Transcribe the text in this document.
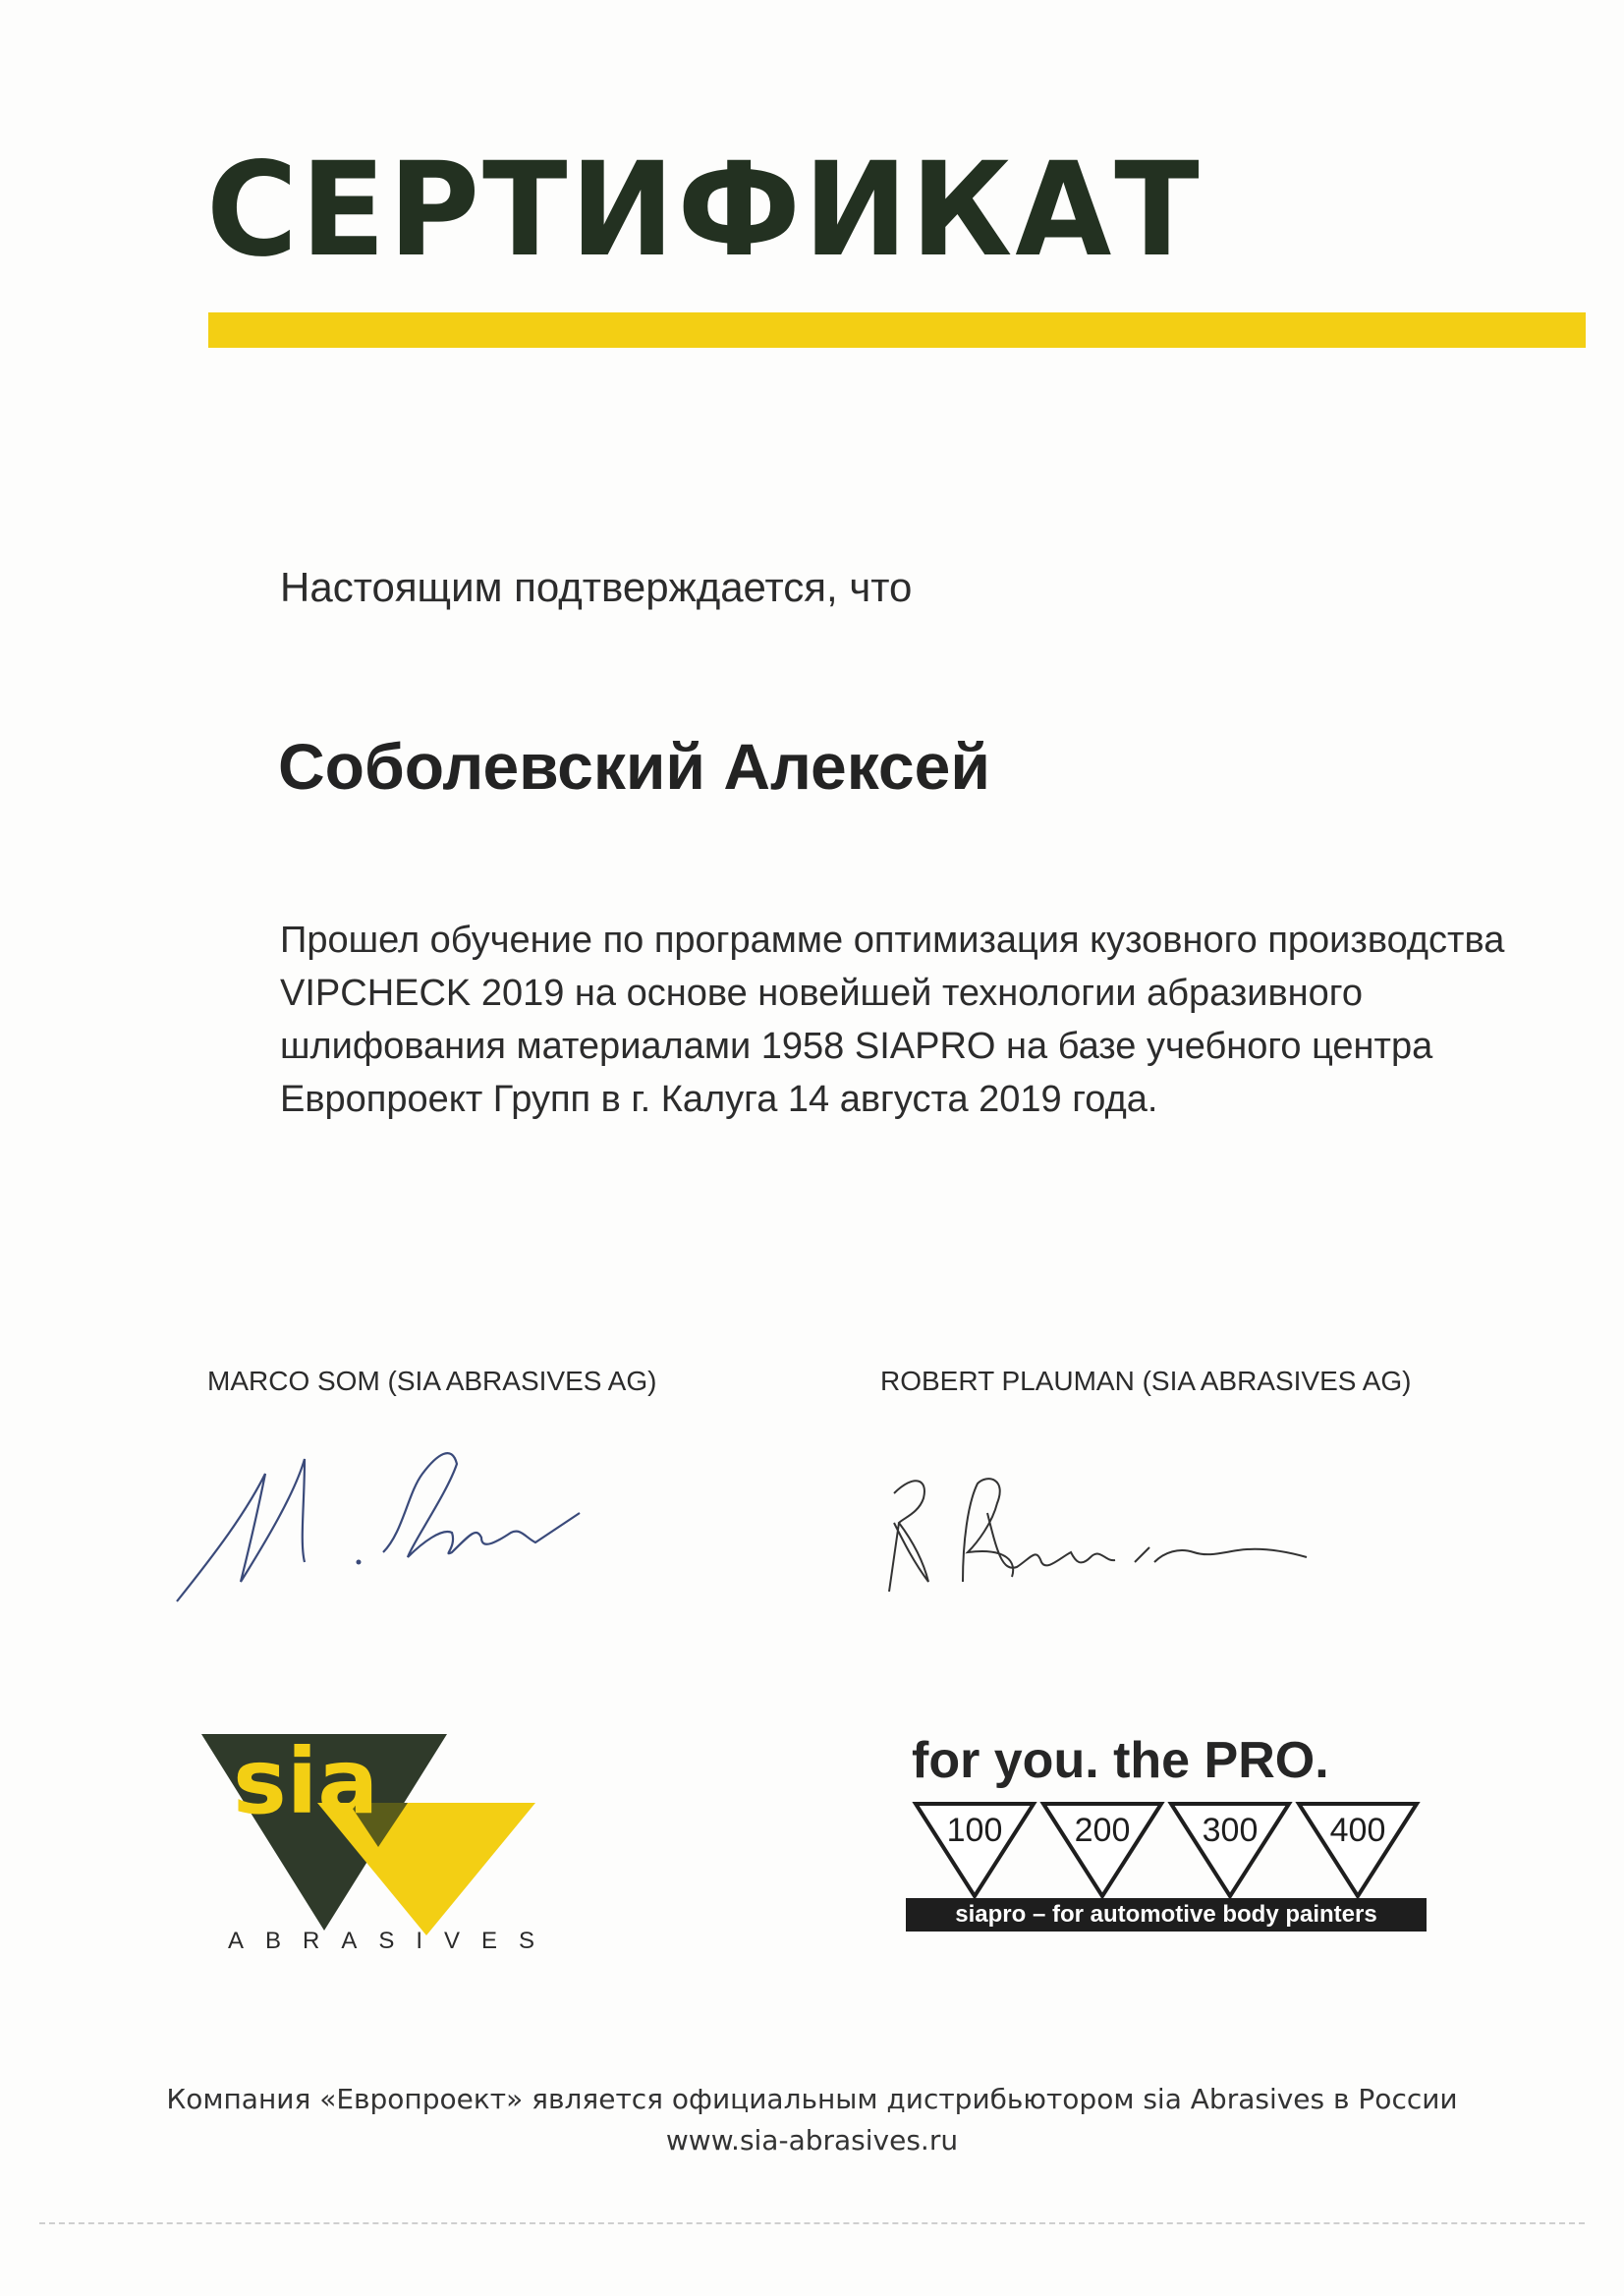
СЕРТИФИКАТ
Настоящим подтверждается, что
Соболевский Алексей
Прошел обучение по программе оптимизация кузовного производства
VIPCHECK 2019 на основе новейшей технологии абразивного
шлифования материалами 1958 SIAPRO на базе учебного центра
Европроект Групп в г. Калуга 14 августа 2019 года.
MARCO SOM (SIA ABRASIVES AG)	ROBERT PLAUMAN (SIA ABRASIVES AG)
sia
ABRASIVES
for you. the PRO.
100 200 300 400
siapro – for automotive body painters
Компания «Европроект» является официальным дистрибьютором sia Abrasives в России
www.sia-abrasives.ru
